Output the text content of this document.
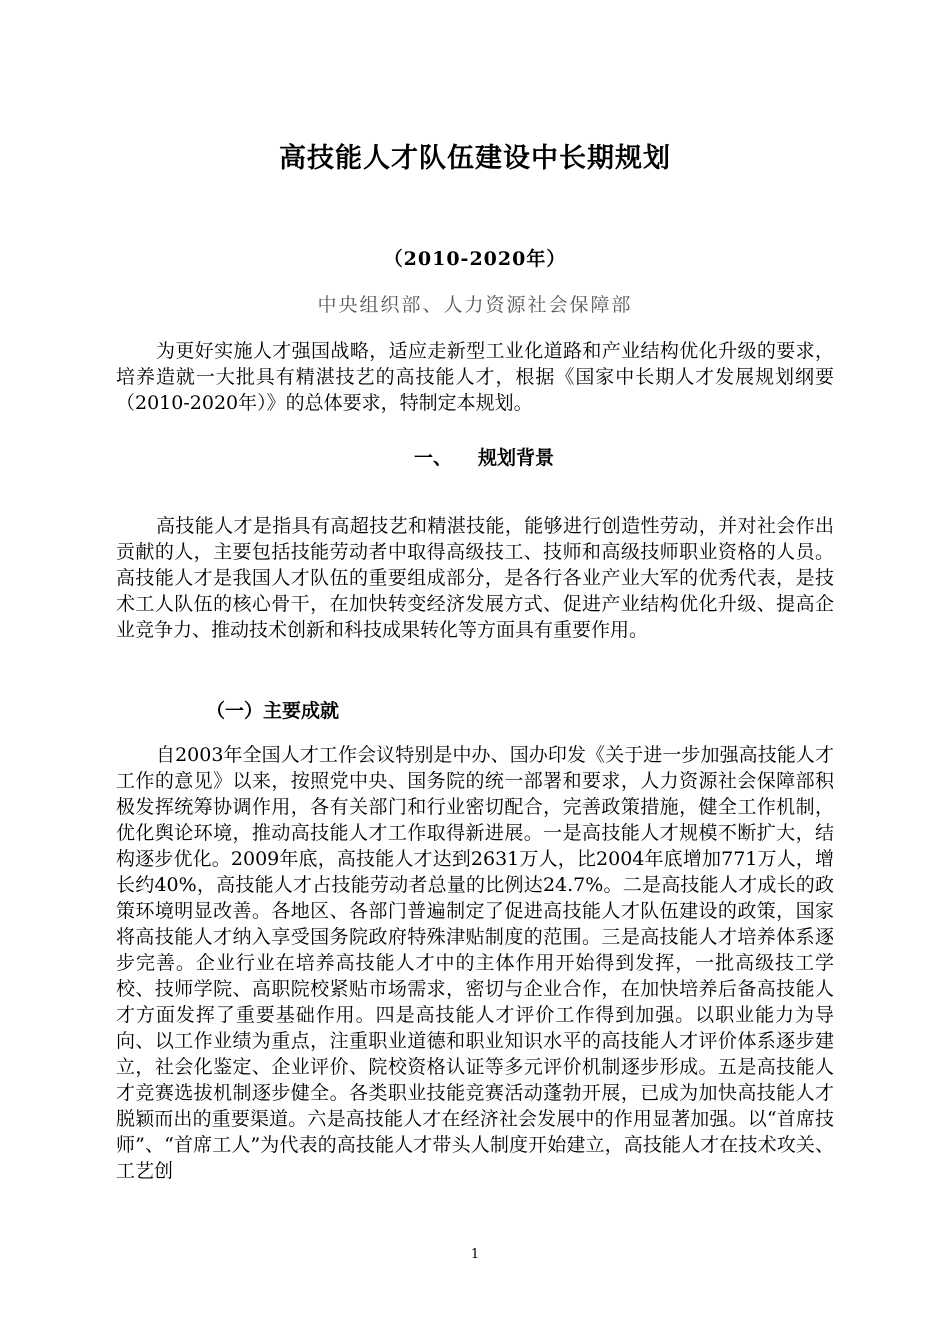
高技能人才队伍建设中长期规划
（2010-2020年）
中央组织部、人力资源社会保障部

为更好实施人才强国战略，适应走新型工业化道路和产业结构优化升级的要求，培养造就一大批具有精湛技艺的高技能人才，根据《国家中长期人才发展规划纲要（2010-2020年）》的总体要求，特制定本规划。

一、 规划背景

高技能人才是指具有高超技艺和精湛技能，能够进行创造性劳动，并对社会作出贡献的人，主要包括技能劳动者中取得高级技工、技师和高级技师职业资格的人员。高技能人才是我国人才队伍的重要组成部分，是各行各业产业大军的优秀代表，是技术工人队伍的核心骨干，在加快转变经济发展方式、促进产业结构优化升级、提高企业竞争力、推动技术创新和科技成果转化等方面具有重要作用。

（一）主要成就

自2003年全国人才工作会议特别是中办、国办印发《关于进一步加强高技能人才工作的意见》以来，按照党中央、国务院的统一部署和要求，人力资源社会保障部积极发挥统筹协调作用，各有关部门和行业密切配合，完善政策措施，健全工作机制，优化舆论环境，推动高技能人才工作取得新进展。一是高技能人才规模不断扩大，结构逐步优化。2009年底，高技能人才达到2631万人，比2004年底增加771万人，增长约40%，高技能人才占技能劳动者总量的比例达24.7%。二是高技能人才成长的政策环境明显改善。各地区、各部门普遍制定了促进高技能人才队伍建设的政策，国家将高技能人才纳入享受国务院政府特殊津贴制度的范围。三是高技能人才培养体系逐步完善。企业行业在培养高技能人才中的主体作用开始得到发挥，一批高级技工学校、技师学院、高职院校紧贴市场需求，密切与企业合作，在加快培养后备高技能人才方面发挥了重要基础作用。四是高技能人才评价工作得到加强。以职业能力为导向、以工作业绩为重点，注重职业道德和职业知识水平的高技能人才评价体系逐步建立，社会化鉴定、企业评价、院校资格认证等多元评价机制逐步形成。五是高技能人才竞赛选拔机制逐步健全。各类职业技能竞赛活动蓬勃开展，已成为加快高技能人才脱颖而出的重要渠道。六是高技能人才在经济社会发展中的作用显著加强。以“首席技师”、“首席工人”为代表的高技能人才带头人制度开始建立，高技能人才在技术攻关、工艺创

1
